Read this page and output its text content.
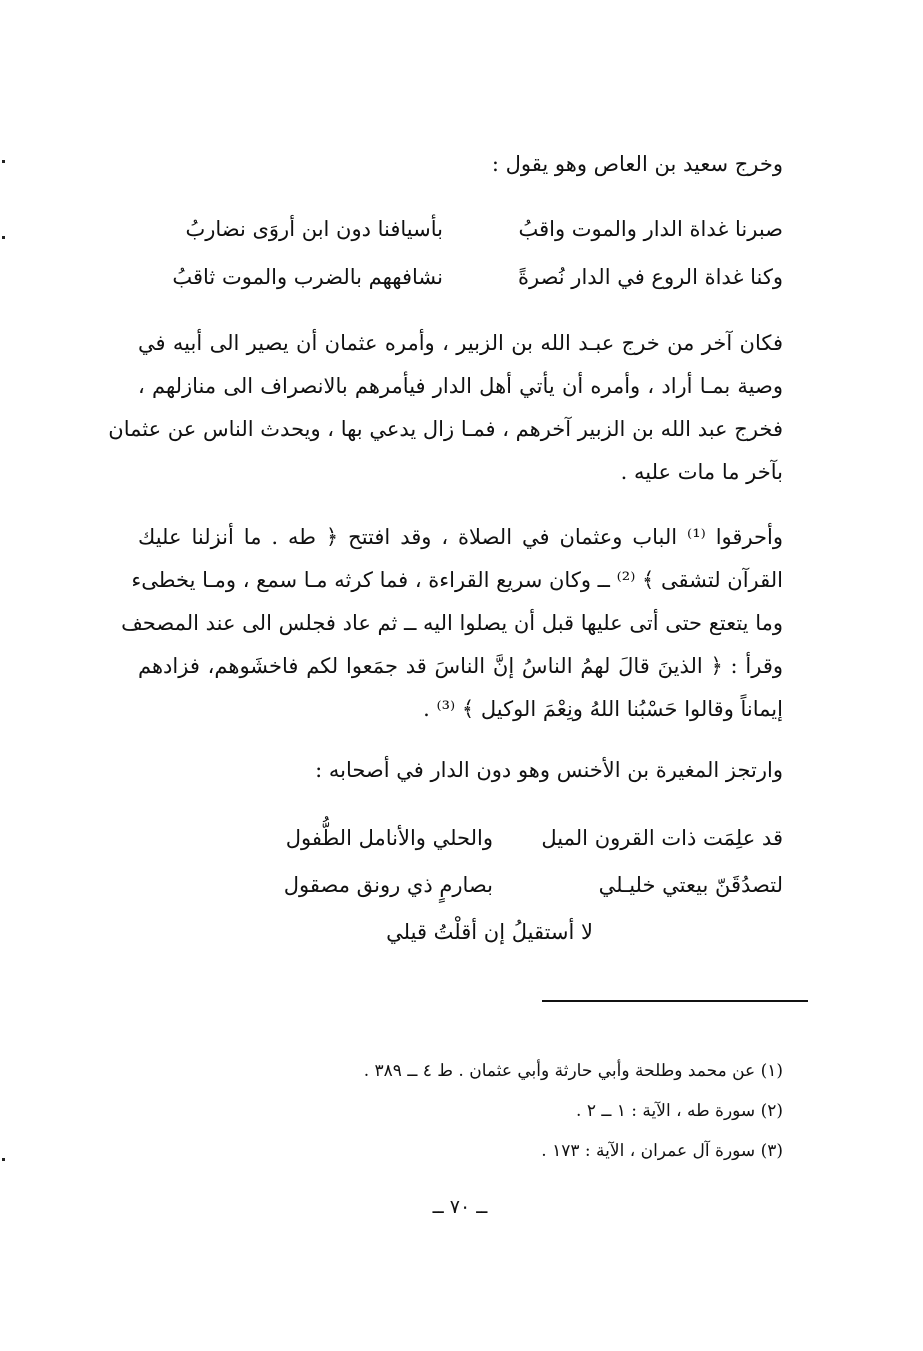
وخرج سعيد بن العاص وهو يقول :
صبرنا غداة الدار والموت واقبُ
بأسيافنا دون ابن أروَى نضاربُ
وكنا غداة الروع في الدار نُصرةً
نشافههم بالضرب والموت ثاقبُ
فكان آخر من خرج عبـد الله بن الزبير ، وأمره عثمان أن يصير الى أبيه في
وصية بمـا أراد ، وأمره أن يأتي أهل الدار فيأمرهم بالانصراف الى منازلهم ،
فخرج عبد الله بن الزبير آخرهم ، فمـا زال يدعي بها ، ويحدث الناس عن عثمان
بآخر ما مات عليه .
وأحرقوا ⁽¹⁾ الباب وعثمان في الصلاة ، وقد افتتح ﴿ طه . ما أنزلنا عليك
القرآن لتشقى ﴾ ⁽²⁾ ــ وكان سريع القراءة ، فما كرثه مـا سمع ، ومـا يخطىء
وما يتعتع حتى أتى عليها قبل أن يصلوا اليه ــ ثم عاد فجلس الى عند المصحف
وقرأ : ﴿ الذينَ قالَ لهمُ الناسُ إنَّ الناسَ قد جمَعوا لكم فاخشَوهم، فزادهم
إيماناً وقالوا حَسْبُنا اللهُ ونِعْمَ الوكيل ﴾ ⁽³⁾ .
وارتجز المغيرة بن الأخنس وهو دون الدار في أصحابه :
قد علِمَت ذات القرون الميل
والحلي والأنامل الطُّفول
لتصدُقَنّ بيعتي خليـلي
بصارمٍ ذي رونق مصقول
لا أستقيلُ إن أقلْتُ قيلي
(١) عن محمد وطلحة وأبي حارثة وأبي عثمان . ط ٤ ــ ٣٨٩ .
(٢) سورة طه ، الآية : ١ ــ ٢ .
(٣) سورة آل عمران ، الآية : ١٧٣ .
ــ ٧٠ ــ
